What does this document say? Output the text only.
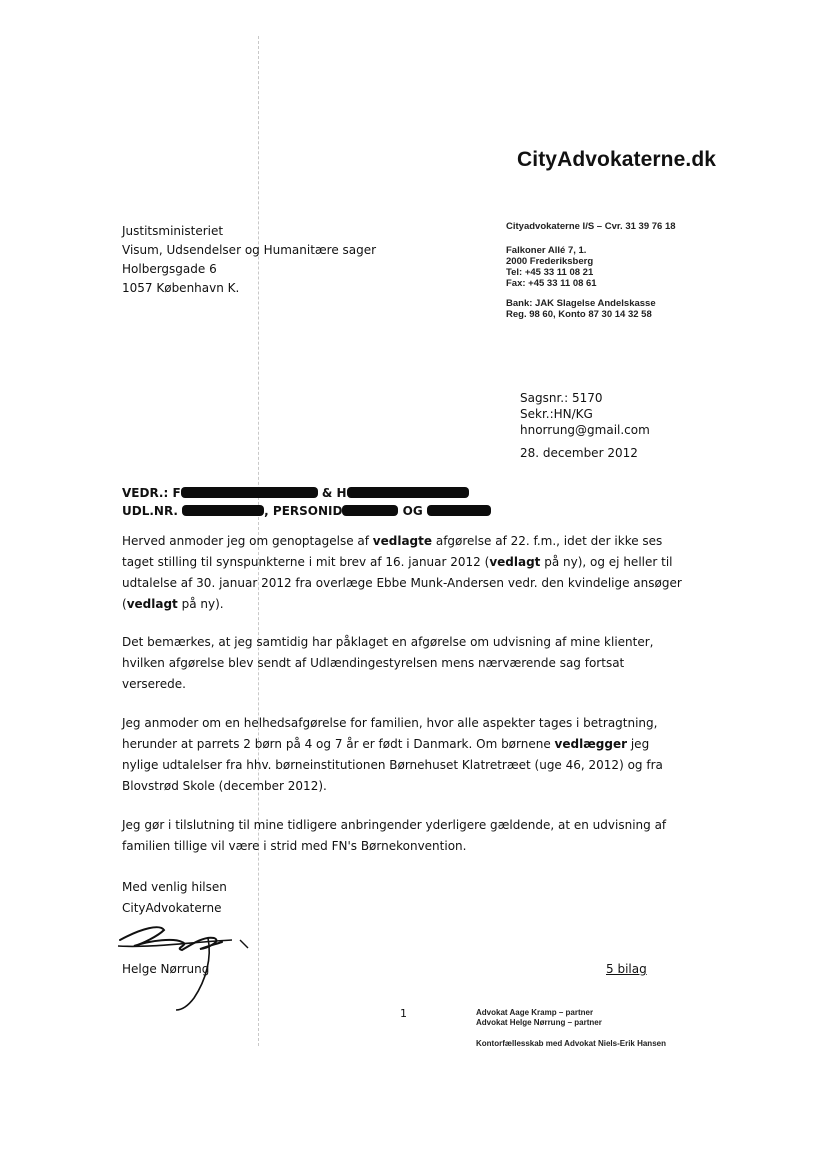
CityAdvokaterne.dk
Justitsministeriet
Visum, Udsendelser og Humanitære sager
Holbergsgade 6
1057 København K.
Cityadvokaterne I/S – Cvr. 31 39 76 18
Falkoner Allé 7, 1.
2000 Frederiksberg
Tel: +45 33 11 08 21
Fax: +45 33 11 08 61
Bank: JAK Slagelse Andelskasse
Reg. 98 60, Konto 87 30 14 32 58
Sagsnr.: 5170
Sekr.:HN/KG
hnorrung@gmail.com
28. december 2012
VEDR.: F	& H
UDL.NR.	, PERSONID	OG
Herved anmoder jeg om genoptagelse af vedlagte afgørelse af 22. f.m., idet der ikke ses taget stilling til synspunkterne i mit brev af 16. januar 2012 (vedlagt på ny), og ej heller til udtalelse af 30. januar 2012 fra overlæge Ebbe Munk-Andersen vedr. den kvindelige ansøger (vedlagt på ny).
Det bemærkes, at jeg samtidig har påklaget en afgørelse om udvisning af mine klienter, hvilken afgørelse blev sendt af Udlændingestyrelsen mens nærværende sag fortsat verserede.
Jeg anmoder om en helhedsafgørelse for familien, hvor alle aspekter tages i betragtning, herunder at parrets 2 børn på 4 og 7 år er født i Danmark. Om børnene vedlægger jeg nylige udtalelser fra hhv. børneinstitutionen Børnehuset Klatretræet (uge 46, 2012) og fra Blovstrød Skole (december 2012).
Jeg gør i tilslutning til mine tidligere anbringender yderligere gældende, at en udvisning af familien tillige vil være i strid med FN's Børnekonvention.
Med venlig hilsen
CityAdvokaterne
Helge Nørrung	5 bilag
1	Advokat Aage Kramp – partner
Advokat Helge Nørrung – partner
Kontorfællesskab med Advokat Niels-Erik Hansen
